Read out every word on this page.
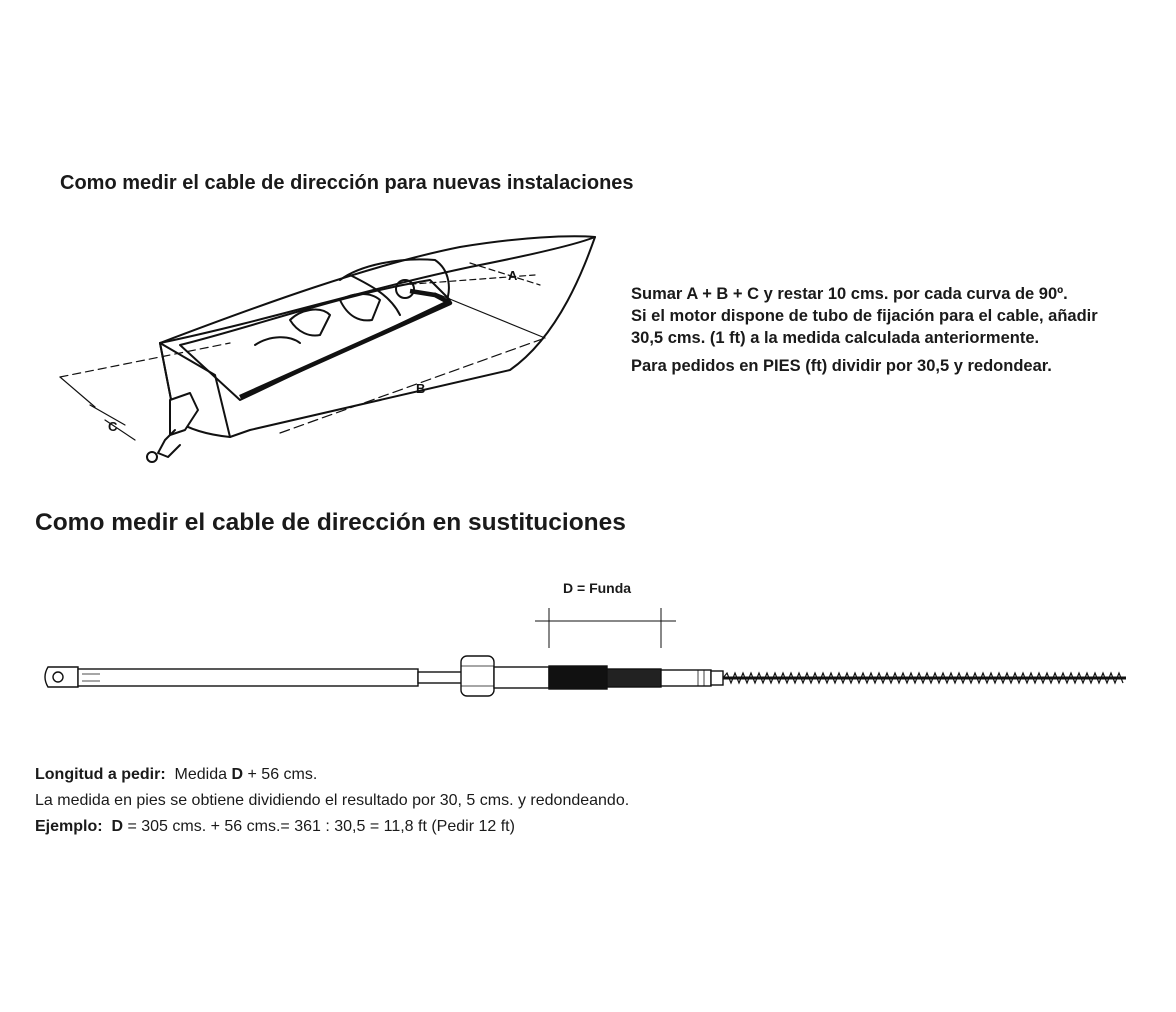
Como medir el cable de dirección para nuevas instalaciones
A
B
C

Sumar A + B + C y restar 10 cms. por cada curva de 90º.

Si el motor dispone de tubo de fijación para el cable, añadir

30,5 cms. (1 ft) a la medida calculada anteriormente.

Para pedidos en PIES (ft) dividir por 30,5 y redondear.

Como medir el cable de dirección en sustituciones
D = Funda
Longitud a pedir: Medida D + 56 cms.
La medida en pies se obtiene dividiendo el resultado por 30, 5 cms. y redondeando.
Ejemplo: D = 305 cms. + 56 cms.= 361 : 30,5 = 11,8 ft (Pedir 12 ft)
